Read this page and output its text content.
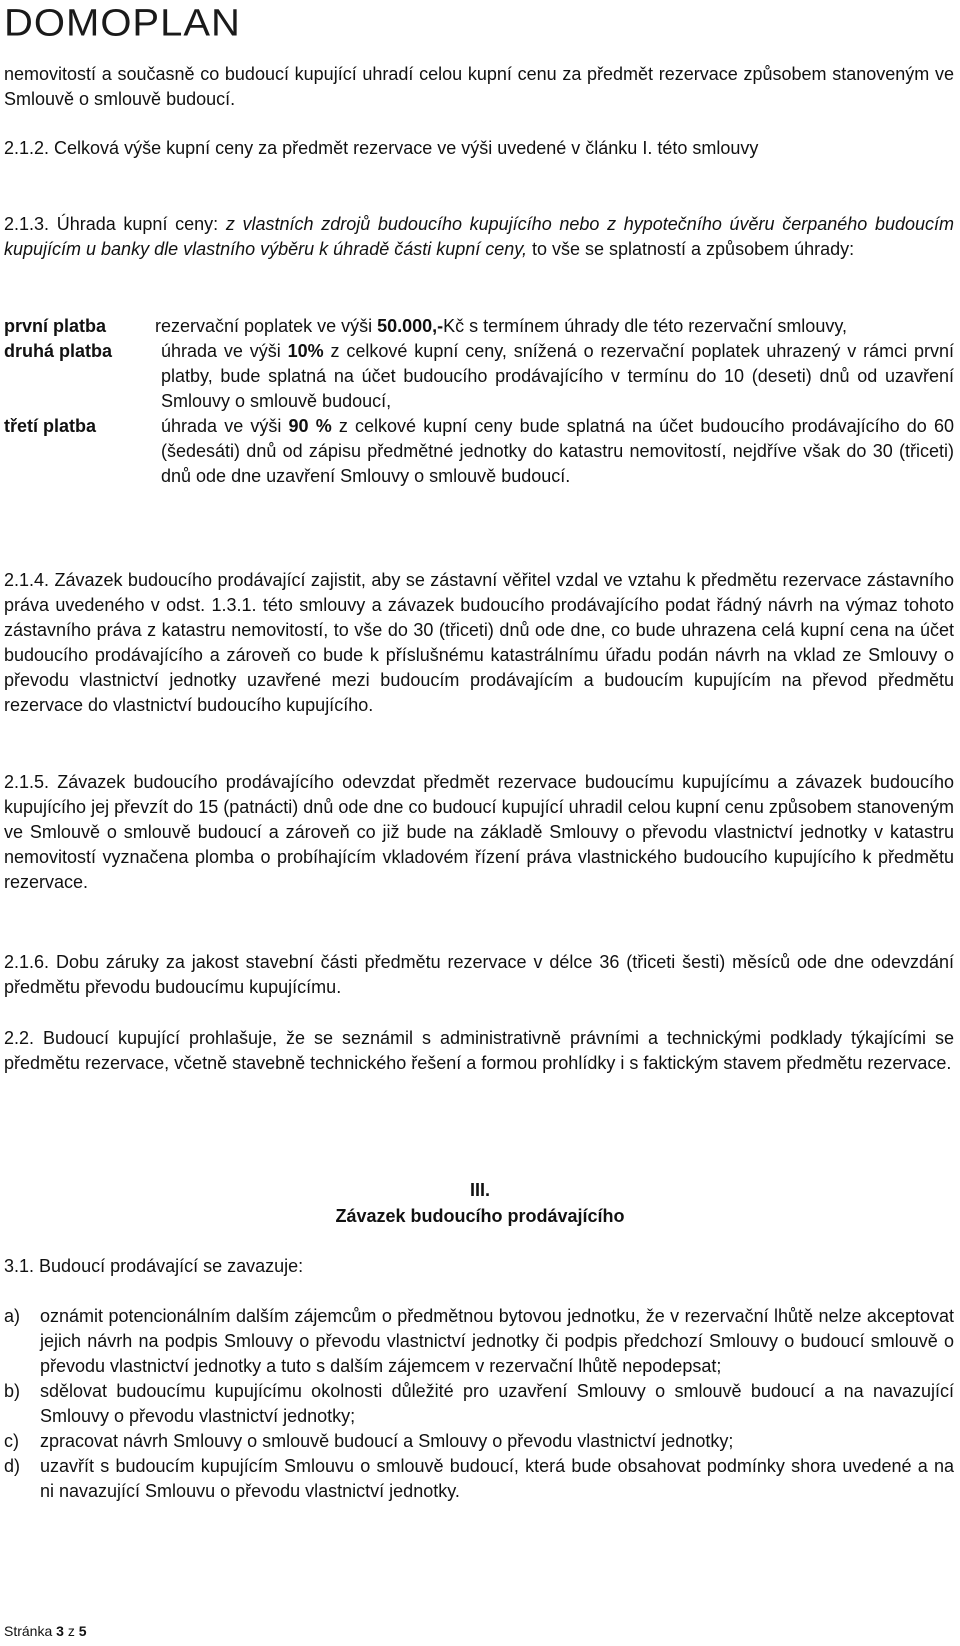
DOMOPLAN
nemovitostí a současně co budoucí kupující uhradí celou kupní cenu za předmět rezervace způsobem stanoveným ve Smlouvě o smlouvě budoucí.
2.1.2. Celková výše kupní ceny za předmět rezervace ve výši uvedené v článku I. této smlouvy
2.1.3. Úhrada kupní ceny: z vlastních zdrojů budoucího kupujícího nebo z hypotečního úvěru čerpaného budoucím kupujícím u banky dle vlastního výběru k úhradě části kupní ceny, to vše se splatností a způsobem úhrady:
první platba	rezervační poplatek ve výši 50.000,-Kč s termínem úhrady dle této rezervační smlouvy,
druhá platba	úhrada ve výši 10% z celkové kupní ceny, snížená o rezervační poplatek uhrazený v rámci první platby, bude splatná na účet budoucího prodávajícího v termínu do 10 (deseti) dnů od uzavření Smlouvy o smlouvě budoucí,
třetí platba	úhrada ve výši 90 % z celkové kupní ceny bude splatná na účet budoucího prodávajícího do 60 (šedesáti) dnů od zápisu předmětné jednotky do katastru nemovitostí, nejdříve však do 30 (třiceti) dnů ode dne uzavření Smlouvy o smlouvě budoucí.
2.1.4. Závazek budoucího prodávající zajistit, aby se zástavní věřitel vzdal ve vztahu k předmětu rezervace zástavního práva uvedeného v odst. 1.3.1. této smlouvy a závazek budoucího prodávajícího podat řádný návrh na výmaz tohoto zástavního práva z katastru nemovitostí, to vše do 30 (třiceti) dnů ode dne, co bude uhrazena celá kupní cena na účet budoucího prodávajícího a zároveň co bude k příslušnému katastrálnímu úřadu podán návrh na vklad ze Smlouvy o převodu vlastnictví jednotky uzavřené mezi budoucím prodávajícím a budoucím kupujícím na převod předmětu rezervace do vlastnictví budoucího kupujícího.
2.1.5. Závazek budoucího prodávajícího odevzdat předmět rezervace budoucímu kupujícímu a závazek budoucího kupujícího jej převzít do 15 (patnácti) dnů ode dne co budoucí kupující uhradil celou kupní cenu způsobem stanoveným ve Smlouvě o smlouvě budoucí a zároveň co již bude na základě Smlouvy o převodu vlastnictví jednotky v katastru nemovitostí vyznačena plomba o probíhajícím vkladovém řízení práva vlastnického budoucího kupujícího k předmětu rezervace.
2.1.6. Dobu záruky za jakost stavební části předmětu rezervace v délce 36 (třiceti šesti) měsíců ode dne odevzdání předmětu převodu budoucímu kupujícímu.
2.2. Budoucí kupující prohlašuje, že se seznámil s administrativně právními a technickými podklady týkajícími se předmětu rezervace, včetně stavebně technického řešení a formou prohlídky i s faktickým stavem předmětu rezervace.
III.
Závazek budoucího prodávajícího
3.1. Budoucí prodávající se zavazuje:
a) oznámit potencionálním dalším zájemcům o předmětnou bytovou jednotku, že v rezervační lhůtě nelze akceptovat jejich návrh na podpis Smlouvy o převodu vlastnictví jednotky či podpis předchozí Smlouvy o budoucí smlouvě o převodu vlastnictví jednotky a tuto s dalším zájemcem v rezervační lhůtě nepodepsat;
b) sdělovat budoucímu kupujícímu okolnosti důležité pro uzavření Smlouvy o smlouvě budoucí a na navazující Smlouvy o převodu vlastnictví jednotky;
c) zpracovat návrh Smlouvy o smlouvě budoucí a Smlouvy o převodu vlastnictví jednotky;
d) uzavřít s budoucím kupujícím Smlouvu o smlouvě budoucí, která bude obsahovat podmínky shora uvedené a na ni navazující Smlouvu o převodu vlastnictví jednotky.
Stránka 3 z 5
